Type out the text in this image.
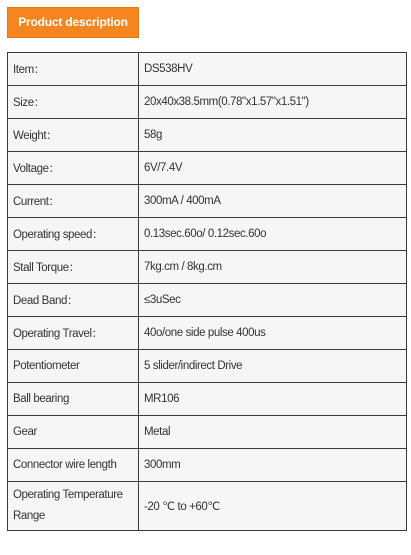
Product description
Item：	DS538HV
Size：	20x40x38.5mm(0.78"x1.57"x1.51")
Weight：	58g
Voltage：	6V/7.4V
Current：	300mA / 400mA
Operating speed：	0.13sec.60o/ 0.12sec.60o
Stall Torque：	7kg.cm / 8kg.cm
Dead Band：	≤3uSec
Operating Travel：	40o/one side pulse 400us
Potentiometer	5 slider/indirect Drive
Ball bearing	MR106
Gear	Metal
Connector wire length	300mm
Operating Temperature Range	-20 ℃ to +60℃
